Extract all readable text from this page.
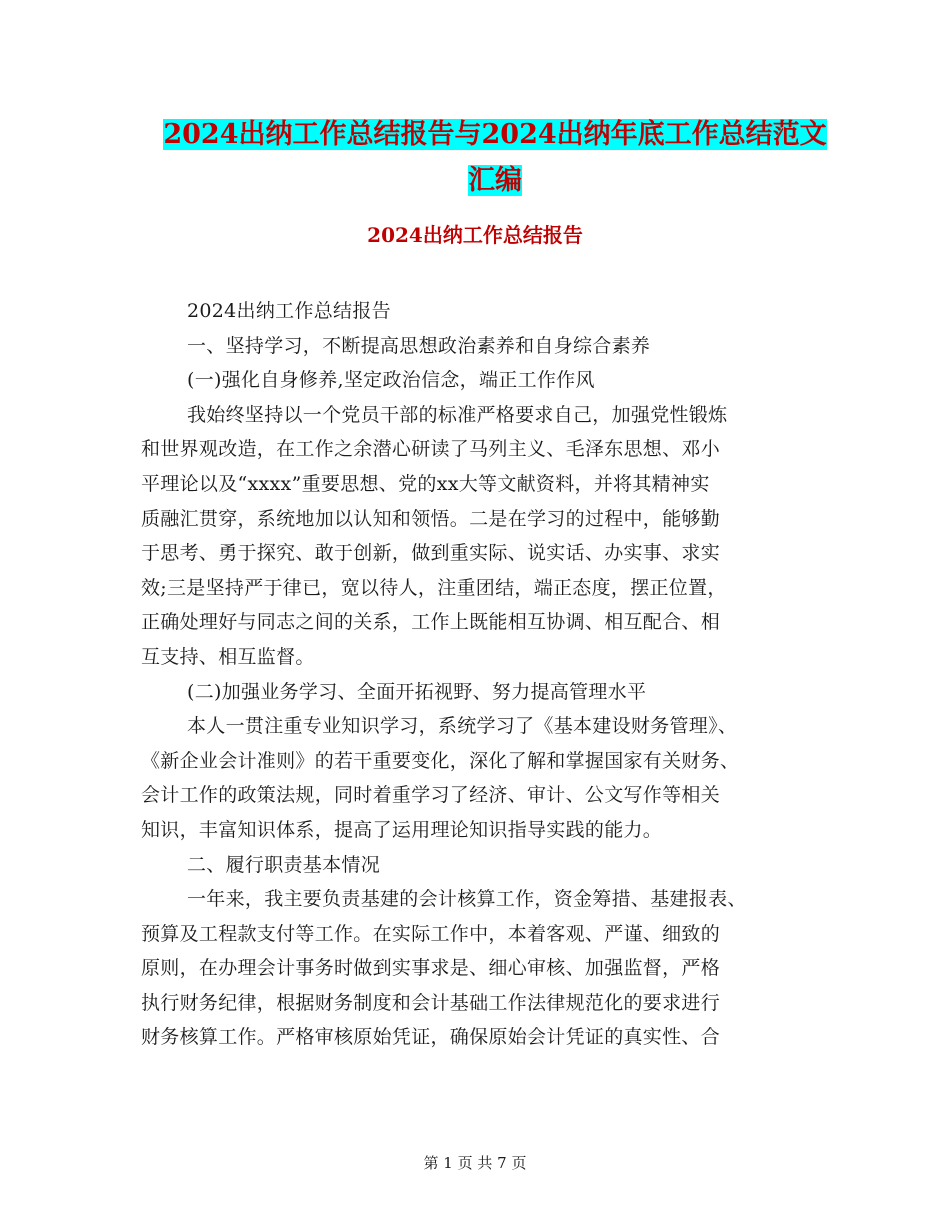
2024出纳工作总结报告与2024出纳年底工作总结范文
汇编
2024出纳工作总结报告
2024出纳工作总结报告
一、坚持学习，不断提高思想政治素养和自身综合素养
(一)强化自身修养,坚定政治信念，端正工作作风
我始终坚持以一个党员干部的标准严格要求自己，加强党性锻炼
和世界观改造，在工作之余潜心研读了马列主义、毛泽东思想、邓小
平理论以及“xxxx”重要思想、党的xx大等文献资料，并将其精神实
质融汇贯穿，系统地加以认知和领悟。二是在学习的过程中，能够勤
于思考、勇于探究、敢于创新，做到重实际、说实话、办实事、求实
效;三是坚持严于律已，宽以待人，注重团结，端正态度，摆正位置，
正确处理好与同志之间的关系，工作上既能相互协调、相互配合、相
互支持、相互监督。
(二)加强业务学习、全面开拓视野、努力提高管理水平
本人一贯注重专业知识学习，系统学习了《基本建设财务管理》、
《新企业会计准则》的若干重要变化，深化了解和掌握国家有关财务、
会计工作的政策法规，同时着重学习了经济、审计、公文写作等相关
知识，丰富知识体系，提高了运用理论知识指导实践的能力。
二、履行职责基本情况
一年来，我主要负责基建的会计核算工作，资金筹措、基建报表、
预算及工程款支付等工作。在实际工作中，本着客观、严谨、细致的
原则，在办理会计事务时做到实事求是、细心审核、加强监督，严格
执行财务纪律，根据财务制度和会计基础工作法律规范化的要求进行
财务核算工作。严格审核原始凭证，确保原始会计凭证的真实性、合
第 1 页 共 7 页
